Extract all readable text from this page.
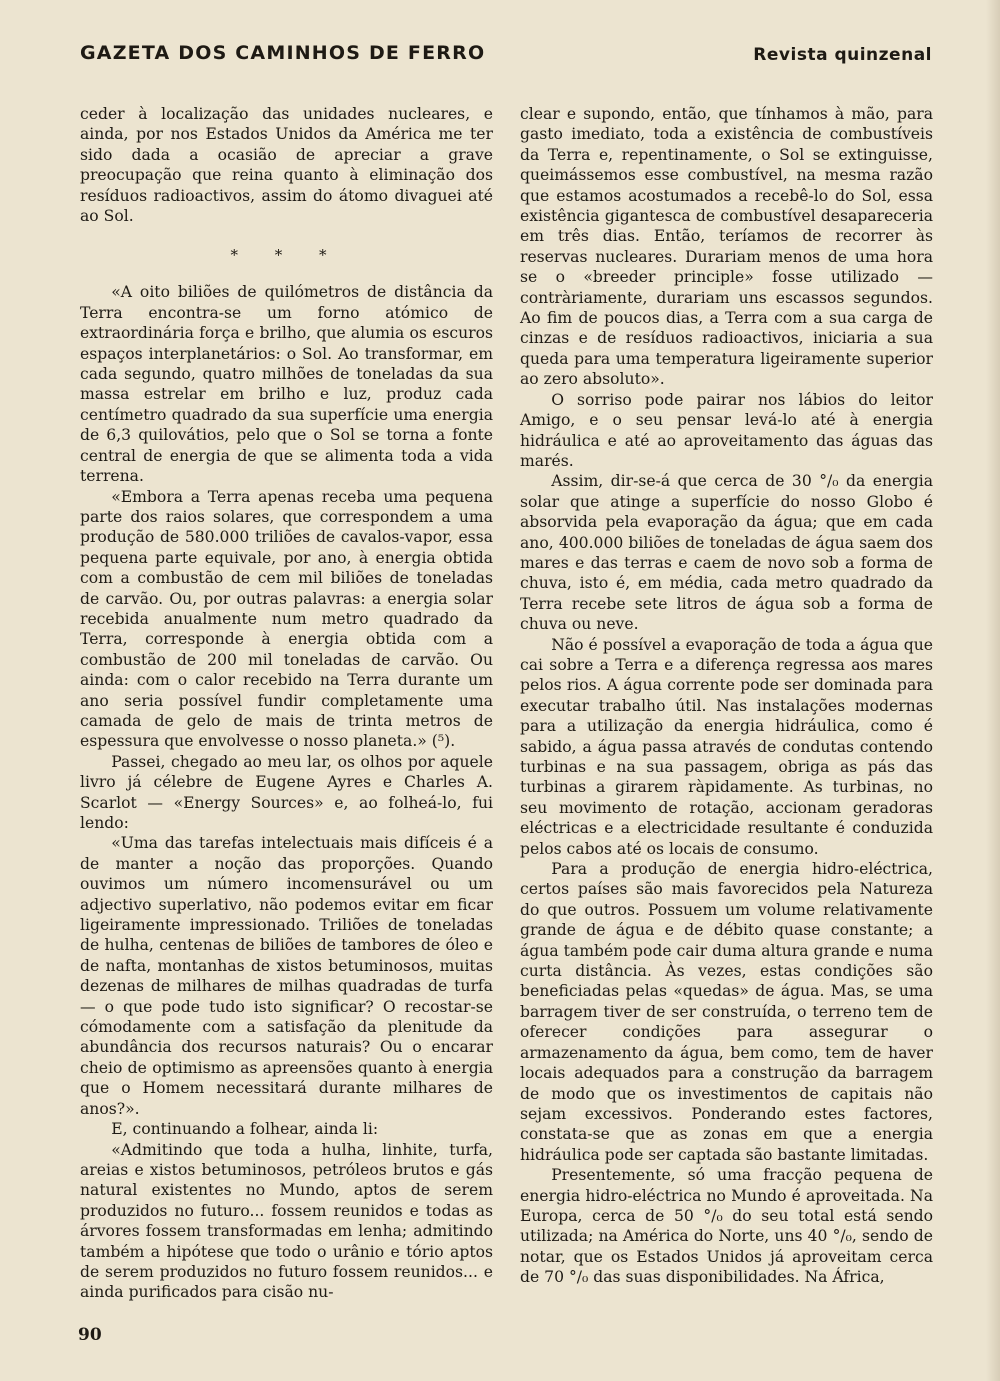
GAZETA DOS CAMINHOS DE FERRO	Revista quinzenal

ceder à localização das unidades nucleares, e ainda, por nos Estados Unidos da América me ter sido dada a ocasião de apreciar a grave preocupação que reina quanto à eliminação dos resíduos radioactivos, assim do átomo divaguei até ao Sol.

* * *

«A oito biliões de quilómetros de distância da Terra encontra-se um forno atómico de extraordinária força e brilho, que alumia os escuros espaços interplanetários: o Sol. Ao transformar, em cada segundo, quatro milhões de toneladas da sua massa estrelar em brilho e luz, produz cada centímetro quadrado da sua superfície uma energia de 6,3 quilovátios, pelo que o Sol se torna a fonte central de energia de que se alimenta toda a vida terrena.

«Embora a Terra apenas receba uma pequena parte dos raios solares, que correspondem a uma produção de 580.000 triliões de cavalos-vapor, essa pequena parte equivale, por ano, à energia obtida com a combustão de cem mil biliões de toneladas de carvão. Ou, por outras palavras: a energia solar recebida anualmente num metro quadrado da Terra, corresponde à energia obtida com a combustão de 200 mil toneladas de carvão. Ou ainda: com o calor recebido na Terra durante um ano seria possível fundir completamente uma camada de gelo de mais de trinta metros de espessura que envolvesse o nosso planeta.» (⁵).

Passei, chegado ao meu lar, os olhos por aquele livro já célebre de Eugene Ayres e Charles A. Scarlot — «Energy Sources» e, ao folheá-lo, fui lendo:

«Uma das tarefas intelectuais mais difíceis é a de manter a noção das proporções. Quando ouvimos um número incomensurável ou um adjectivo superlativo, não podemos evitar em ficar ligeiramente impressionado. Triliões de toneladas de hulha, centenas de biliões de tambores de óleo e de nafta, montanhas de xistos betuminosos, muitas dezenas de milhares de milhas quadradas de turfa — o que pode tudo isto significar? O recostar-se cómodamente com a satisfação da plenitude da abundância dos recursos naturais? Ou o encarar cheio de optimismo as apreensões quanto à energia que o Homem necessitará durante milhares de anos?».

E, continuando a folhear, ainda li:

«Admitindo que toda a hulha, linhite, turfa, areias e xistos betuminosos, petróleos brutos e gás natural existentes no Mundo, aptos de serem produzidos no futuro... fossem reunidos e todas as árvores fossem transformadas em lenha; admitindo também a hipótese que todo o urânio e tório aptos de serem produzidos no futuro fossem reunidos... e ainda purificados para cisão nu-

clear e supondo, então, que tínhamos à mão, para gasto imediato, toda a existência de combustíveis da Terra e, repentinamente, o Sol se extinguisse, queimássemos esse combustível, na mesma razão que estamos acostumados a recebê-lo do Sol, essa existência gigantesca de combustível desapareceria em três dias. Então, teríamos de recorrer às reservas nucleares. Durariam menos de uma hora se o «breeder principle» fosse utilizado — contràriamente, durariam uns escassos segundos. Ao fim de poucos dias, a Terra com a sua carga de cinzas e de resíduos radioactivos, iniciaria a sua queda para uma temperatura ligeiramente superior ao zero absoluto».

O sorriso pode pairar nos lábios do leitor Amigo, e o seu pensar levá-lo até à energia hidráulica e até ao aproveitamento das águas das marés.

Assim, dir-se-á que cerca de 30 °/₀ da energia solar que atinge a superfície do nosso Globo é absorvida pela evaporação da água; que em cada ano, 400.000 biliões de toneladas de água saem dos mares e das terras e caem de novo sob a forma de chuva, isto é, em média, cada metro quadrado da Terra recebe sete litros de água sob a forma de chuva ou neve.

Não é possível a evaporação de toda a água que cai sobre a Terra e a diferença regressa aos mares pelos rios. A água corrente pode ser dominada para executar trabalho útil. Nas instalações modernas para a utilização da energia hidráulica, como é sabido, a água passa através de condutas contendo turbinas e na sua passagem, obriga as pás das turbinas a girarem ràpidamente. As turbinas, no seu movimento de rotação, accionam geradoras eléctricas e a electricidade resultante é conduzida pelos cabos até os locais de consumo.

Para a produção de energia hidro-eléctrica, certos países são mais favorecidos pela Natureza do que outros. Possuem um volume relativamente grande de água e de débito quase constante; a água também pode cair duma altura grande e numa curta distância. Às vezes, estas condições são beneficiadas pelas «quedas» de água. Mas, se uma barragem tiver de ser construída, o terreno tem de oferecer condições para assegurar o armazenamento da água, bem como, tem de haver locais adequados para a construção da barragem de modo que os investimentos de capitais não sejam excessivos. Ponderando estes factores, constata-se que as zonas em que a energia hidráulica pode ser captada são bastante limitadas.

Presentemente, só uma fracção pequena de energia hidro-eléctrica no Mundo é aproveitada. Na Europa, cerca de 50 °/₀ do seu total está sendo utilizada; na América do Norte, uns 40 °/₀, sendo de notar, que os Estados Unidos já aproveitam cerca de 70 °/₀ das suas disponibilidades. Na África,

90
